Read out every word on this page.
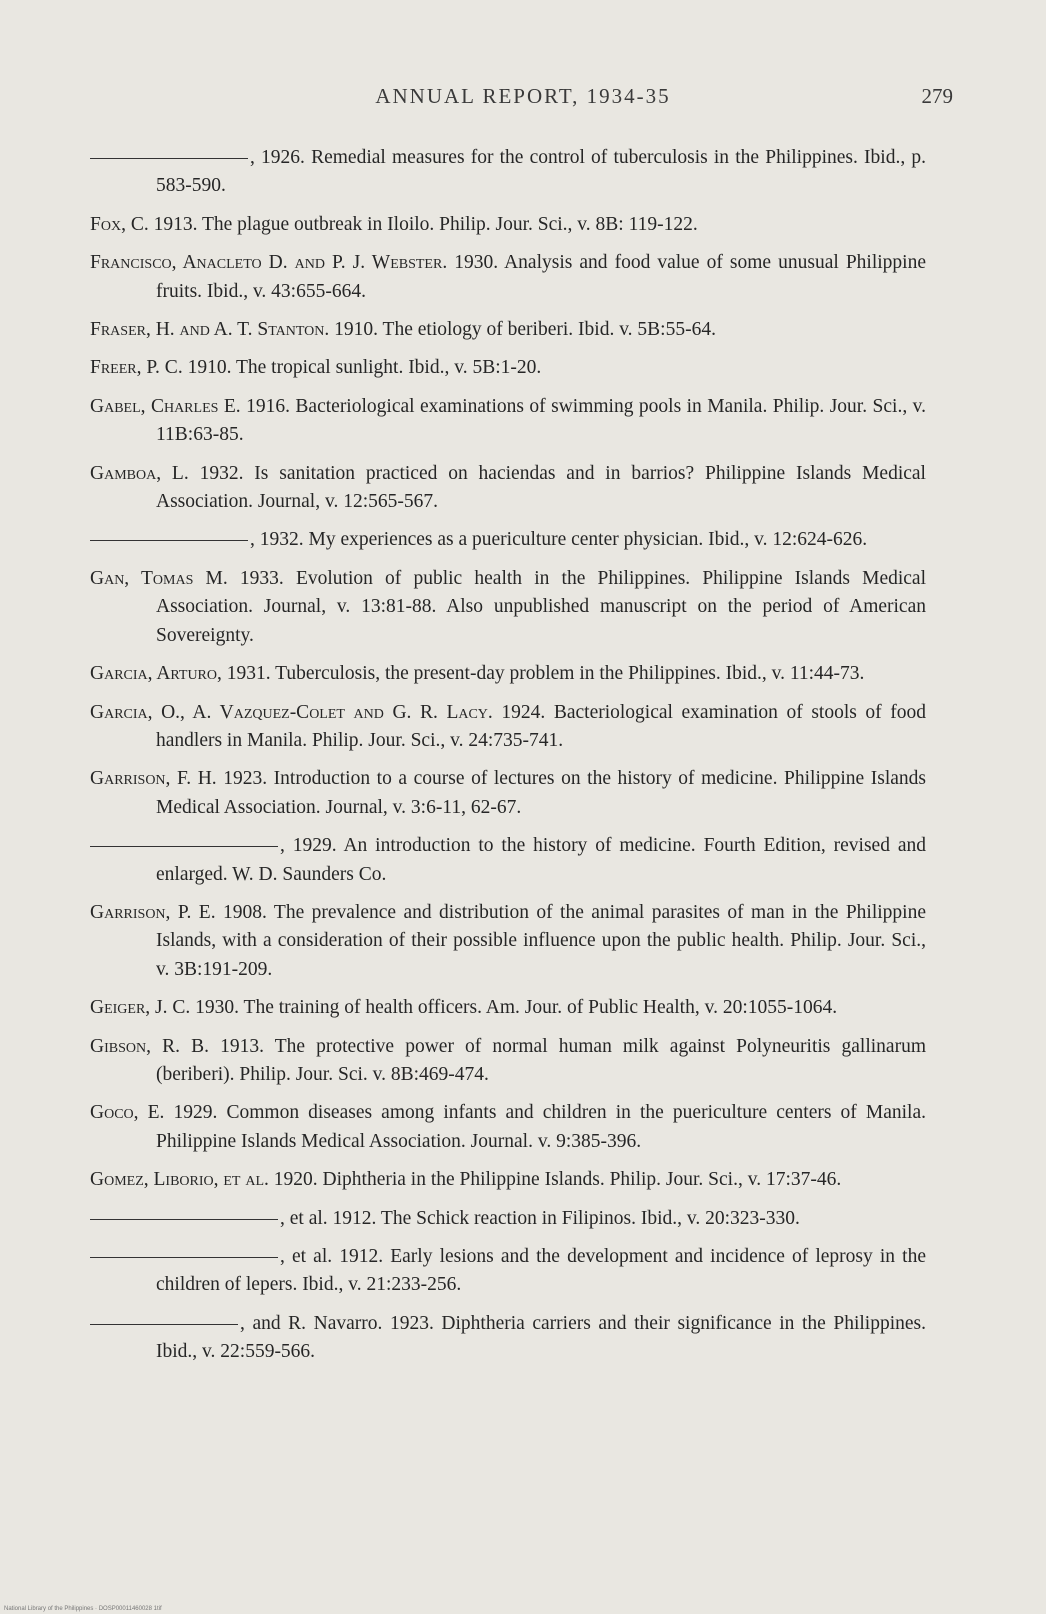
ANNUAL REPORT, 1934-35	279

, 1926. Remedial measures for the control of tuberculosis in the Philippines. Ibid., p. 583-590.

Fox, C. 1913. The plague outbreak in Iloilo. Philip. Jour. Sci., v. 8B: 119-122.

Francisco, Anacleto D. and P. J. Webster. 1930. Analysis and food value of some unusual Philippine fruits. Ibid., v. 43:655-664.

Fraser, H. and A. T. Stanton. 1910. The etiology of beriberi. Ibid. v. 5B:55-64.

Freer, P. C. 1910. The tropical sunlight. Ibid., v. 5B:1-20.

Gabel, Charles E. 1916. Bacteriological examinations of swimming pools in Manila. Philip. Jour. Sci., v. 11B:63-85.

Gamboa, L. 1932. Is sanitation practiced on haciendas and in barrios? Philippine Islands Medical Association. Journal, v. 12:565-567.

, 1932. My experiences as a puericulture center physician. Ibid., v. 12:624-626.

Gan, Tomas M. 1933. Evolution of public health in the Philippines. Philippine Islands Medical Association. Journal, v. 13:81-88. Also unpublished manuscript on the period of American Sovereignty.

Garcia, Arturo, 1931. Tuberculosis, the present-day problem in the Philippines. Ibid., v. 11:44-73.

Garcia, O., A. Vazquez-Colet and G. R. Lacy. 1924. Bacteriological examination of stools of food handlers in Manila. Philip. Jour. Sci., v. 24:735-741.

Garrison, F. H. 1923. Introduction to a course of lectures on the history of medicine. Philippine Islands Medical Association. Journal, v. 3:6-11, 62-67.

, 1929. An introduction to the history of medicine. Fourth Edition, revised and enlarged. W. D. Saunders Co.

Garrison, P. E. 1908. The prevalence and distribution of the animal parasites of man in the Philippine Islands, with a consideration of their possible influence upon the public health. Philip. Jour. Sci., v. 3B:191-209.

Geiger, J. C. 1930. The training of health officers. Am. Jour. of Public Health, v. 20:1055-1064.

Gibson, R. B. 1913. The protective power of normal human milk against Polyneuritis gallinarum (beriberi). Philip. Jour. Sci. v. 8B:469-474.

Goco, E. 1929. Common diseases among infants and children in the puericulture centers of Manila. Philippine Islands Medical Association. Journal. v. 9:385-396.

Gomez, Liborio, et al. 1920. Diphtheria in the Philippine Islands. Philip. Jour. Sci., v. 17:37-46.

, et al. 1912. The Schick reaction in Filipinos. Ibid., v. 20:323-330.

, et al. 1912. Early lesions and the development and incidence of leprosy in the children of lepers. Ibid., v. 21:233-256.

, and R. Navarro. 1923. Diphtheria carriers and their significance in the Philippines. Ibid., v. 22:559-566.

National Library of the Philippines · DOSP00011460028 1tif
